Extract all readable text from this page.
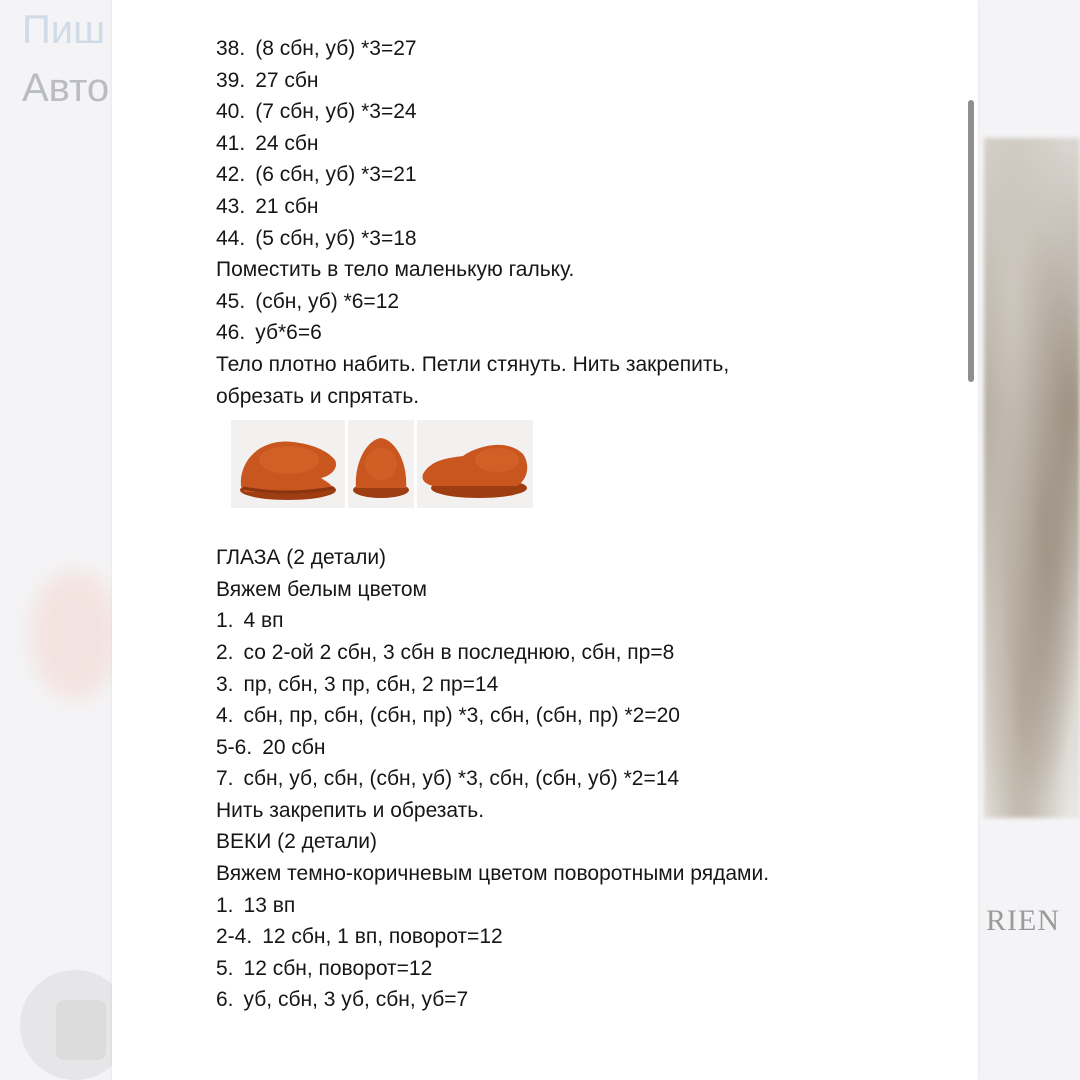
Пиш
Авто
RIEN
38. (8 сбн, уб) *3=27
39. 27 сбн
40. (7 сбн, уб) *3=24
41. 24 сбн
42. (6 сбн, уб) *3=21
43. 21 сбн
44. (5 сбн, уб) *3=18
Поместить в тело маленькую гальку.
45. (сбн, уб) *6=12
46. уб*6=6
Тело плотно набить. Петли стянуть. Нить закрепить,
обрезать и спрятать.
ГЛАЗА (2 детали)
Вяжем белым цветом
1. 4 вп
2. со 2-ой 2 сбн, 3 сбн в последнюю, сбн, пр=8
3. пр, сбн, 3 пр, сбн, 2 пр=14
4. сбн, пр, сбн, (сбн, пр) *3, сбн, (сбн, пр) *2=20
5-6. 20 сбн
7. сбн, уб, сбн, (сбн, уб) *3, сбн, (сбн, уб) *2=14
Нить закрепить и обрезать.
ВЕКИ (2 детали)
Вяжем темно-коричневым цветом поворотными рядами.
1. 13 вп
2-4. 12 сбн, 1 вп, поворот=12
5. 12 сбн, поворот=12
6. уб, сбн, 3 уб, сбн, уб=7
